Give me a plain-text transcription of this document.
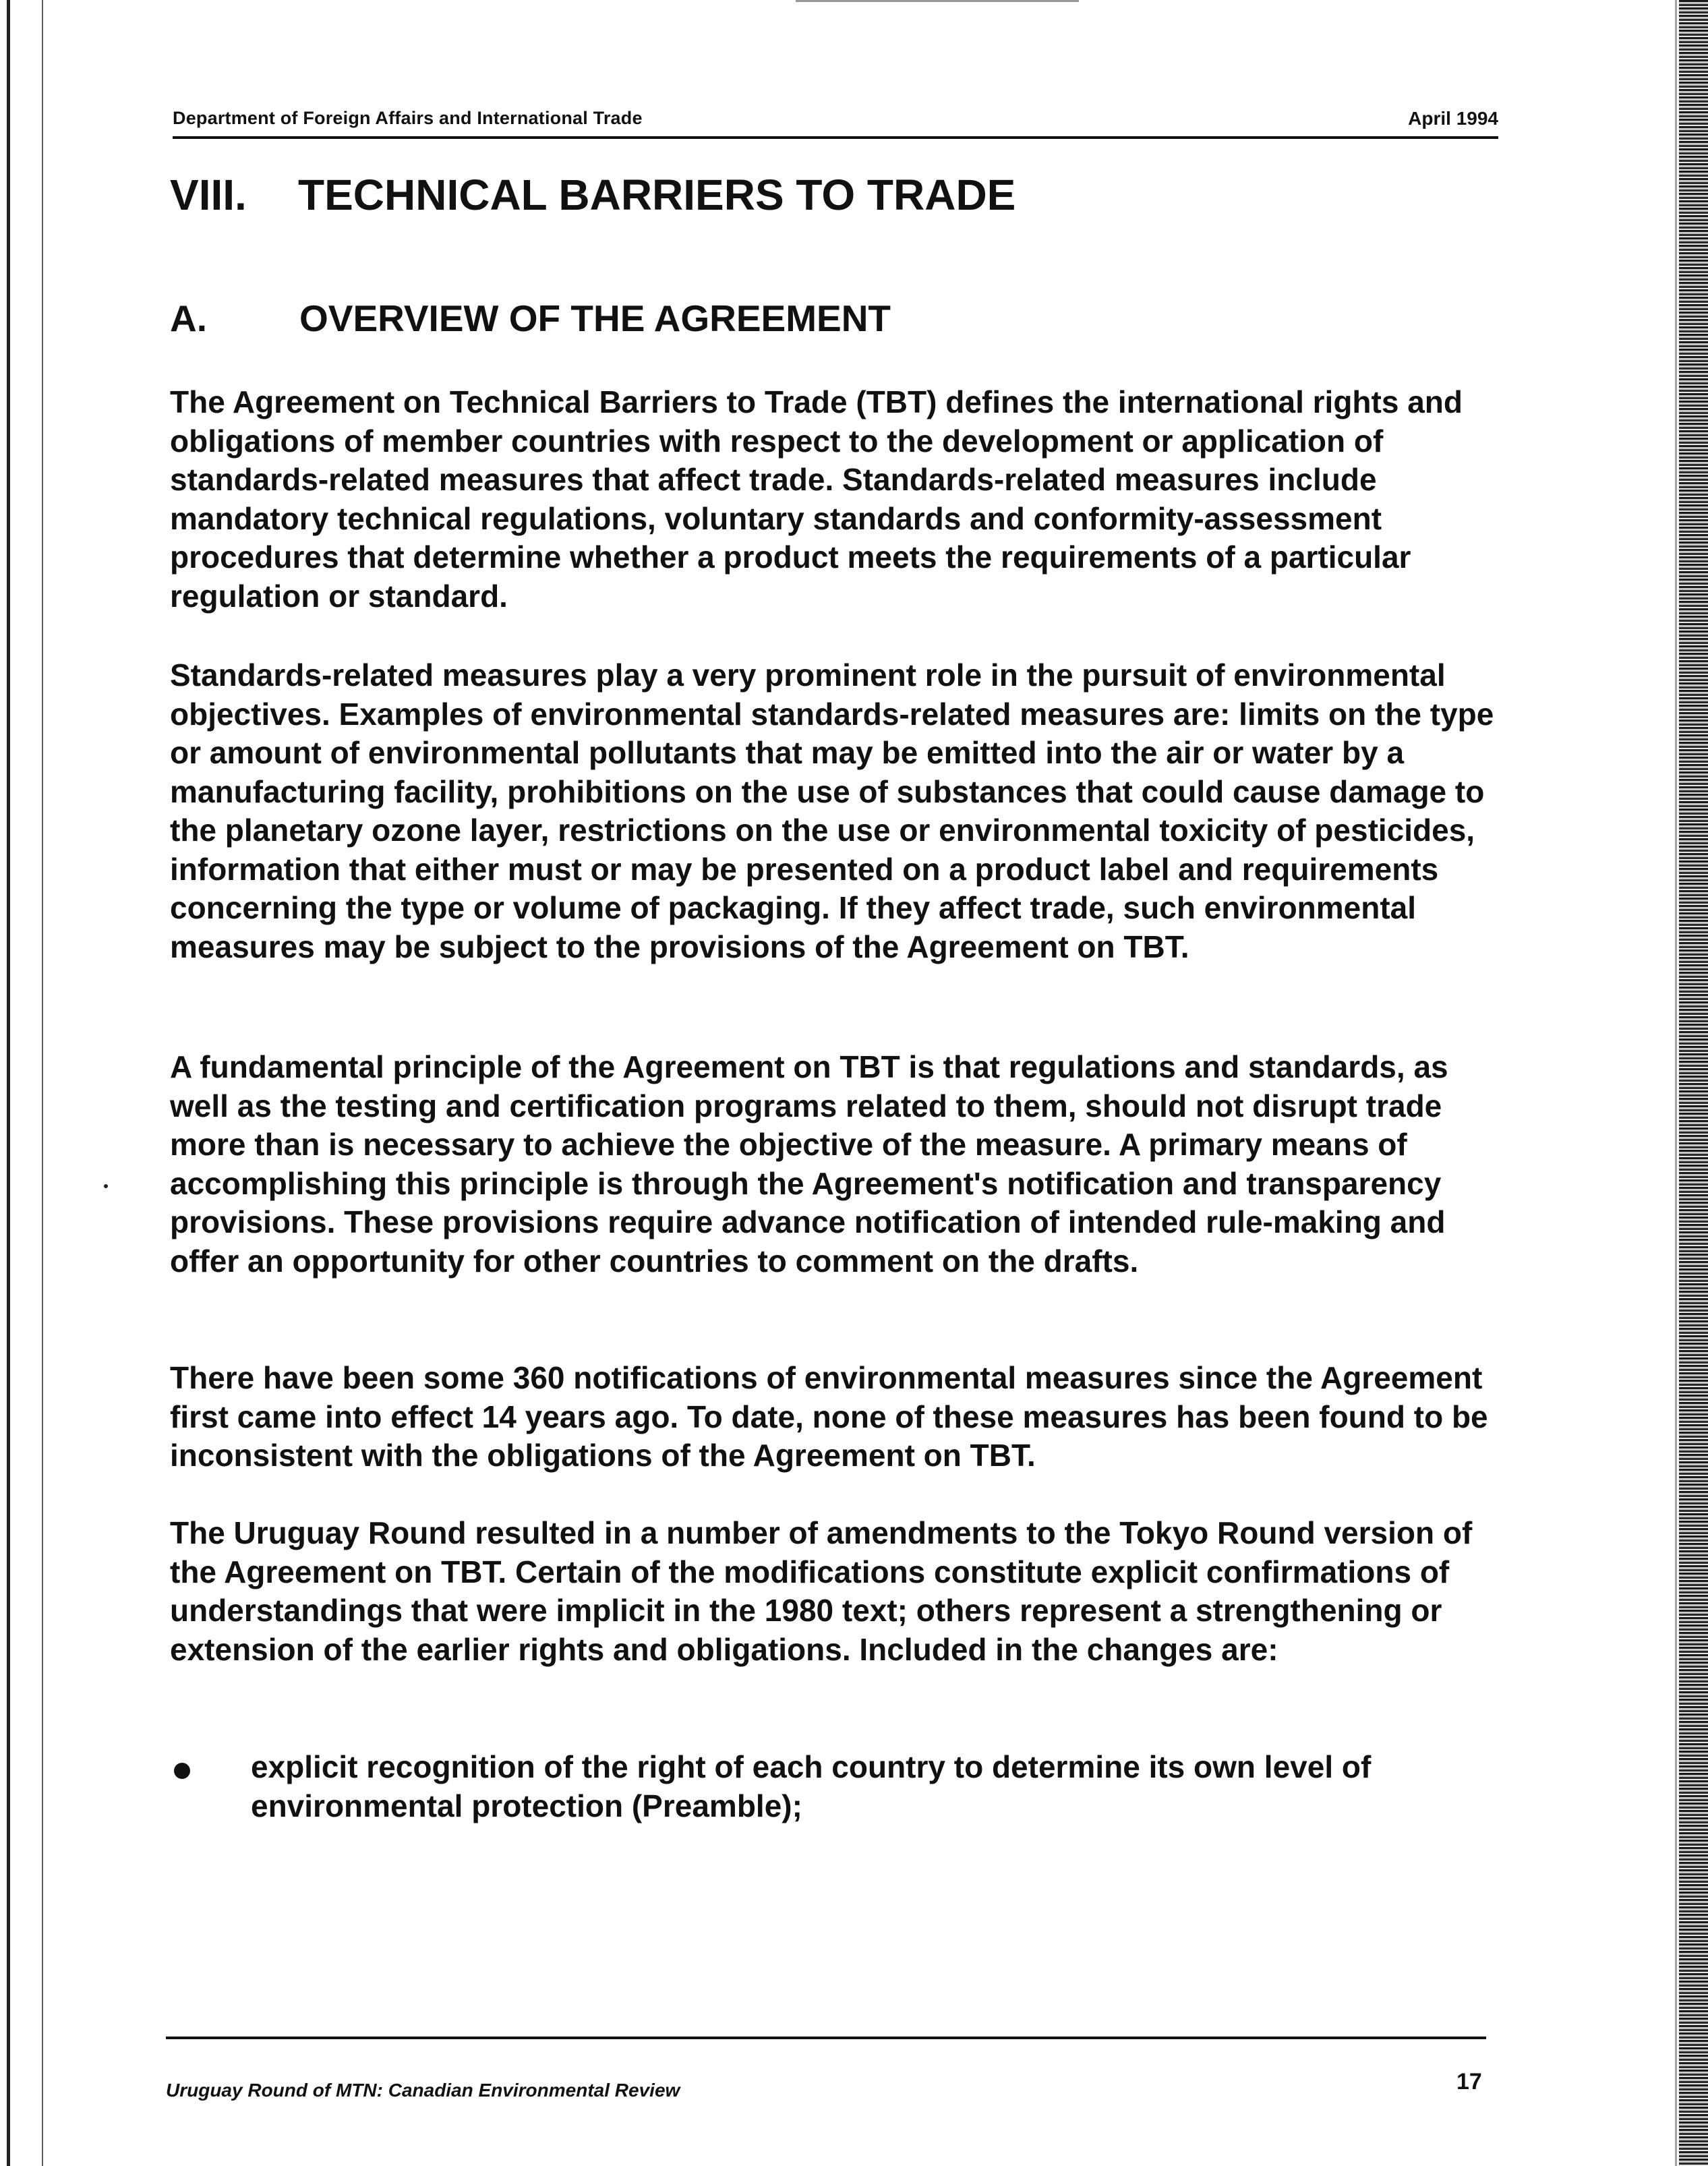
Department of Foreign Affairs and International Trade	April 1994
VIII. TECHNICAL BARRIERS TO TRADE
A. OVERVIEW OF THE AGREEMENT

The Agreement on Technical Barriers to Trade (TBT) defines the international rights and obligations of member countries with respect to the development or application of standards-related measures that affect trade. Standards-related measures include mandatory technical regulations, voluntary standards and conformity-assessment procedures that determine whether a product meets the requirements of a particular regulation or standard.

Standards-related measures play a very prominent role in the pursuit of environmental objectives. Examples of environmental standards-related measures are: limits on the type or amount of environmental pollutants that may be emitted into the air or water by a manufacturing facility, prohibitions on the use of substances that could cause damage to the planetary ozone layer, restrictions on the use or environmental toxicity of pesticides, information that either must or may be presented on a product label and requirements concerning the type or volume of packaging. If they affect trade, such environmental measures may be subject to the provisions of the Agreement on TBT.

A fundamental principle of the Agreement on TBT is that regulations and standards, as well as the testing and certification programs related to them, should not disrupt trade more than is necessary to achieve the objective of the measure. A primary means of accomplishing this principle is through the Agreement's notification and transparency provisions. These provisions require advance notification of intended rule-making and offer an opportunity for other countries to comment on the drafts.

There have been some 360 notifications of environmental measures since the Agreement first came into effect 14 years ago. To date, none of these measures has been found to be inconsistent with the obligations of the Agreement on TBT.

The Uruguay Round resulted in a number of amendments to the Tokyo Round version of the Agreement on TBT. Certain of the modifications constitute explicit confirmations of understandings that were implicit in the 1980 text; others represent a strengthening or extension of the earlier rights and obligations. Included in the changes are:

explicit recognition of the right of each country to determine its own level of environmental protection (Preamble);

Uruguay Round of MTN: Canadian Environmental Review	17
